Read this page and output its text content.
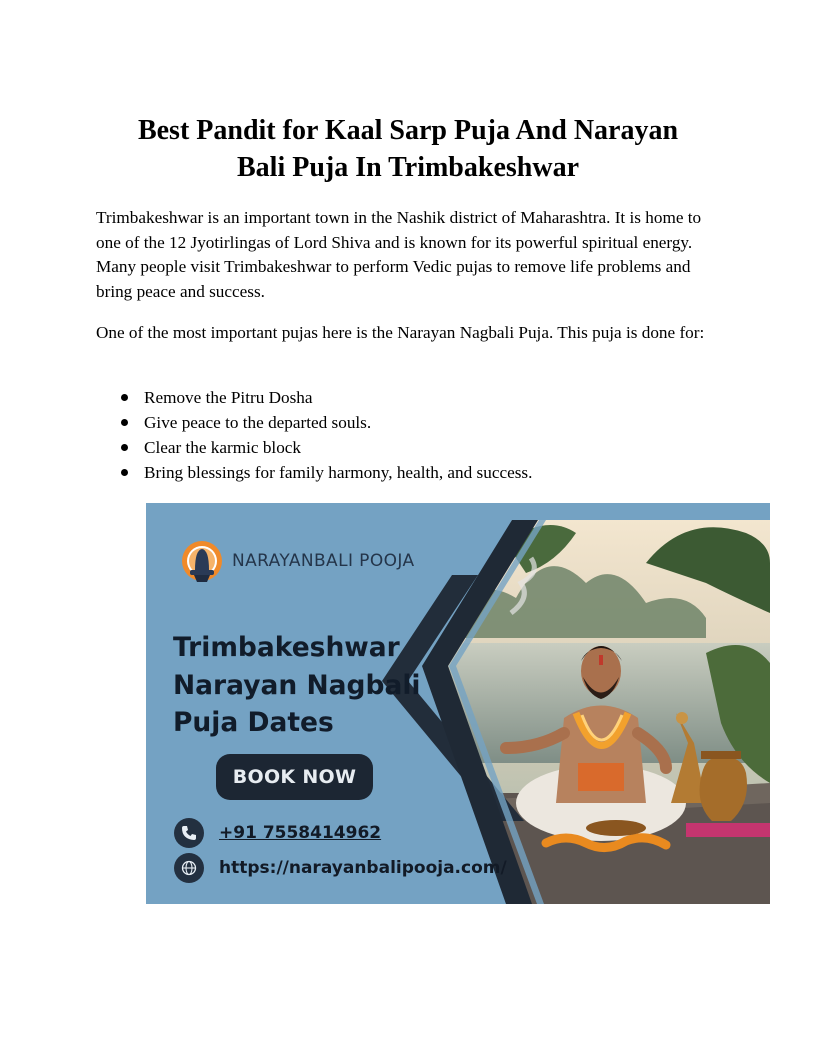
Best Pandit for Kaal Sarp Puja And Narayan
Bali Puja In Trimbakeshwar

Trimbakeshwar is an important town in the Nashik district of Maharashtra. It is home to one of the 12 Jyotirlingas of Lord Shiva and is known for its powerful spiritual energy. Many people visit Trimbakeshwar to perform Vedic pujas to remove life problems and bring peace and success.

One of the most important pujas here is the Narayan Nagbali Puja. This puja is done for:

Remove the Pitru Dosha
Give peace to the departed souls.
Clear the karmic block
Bring blessings for family harmony, health, and success.
NARAYANBALI POOJA
Trimbakeshwar
Narayan Nagbali
Puja Dates
BOOK NOW
+91 7558414962
https://narayanbalipooja.com/
